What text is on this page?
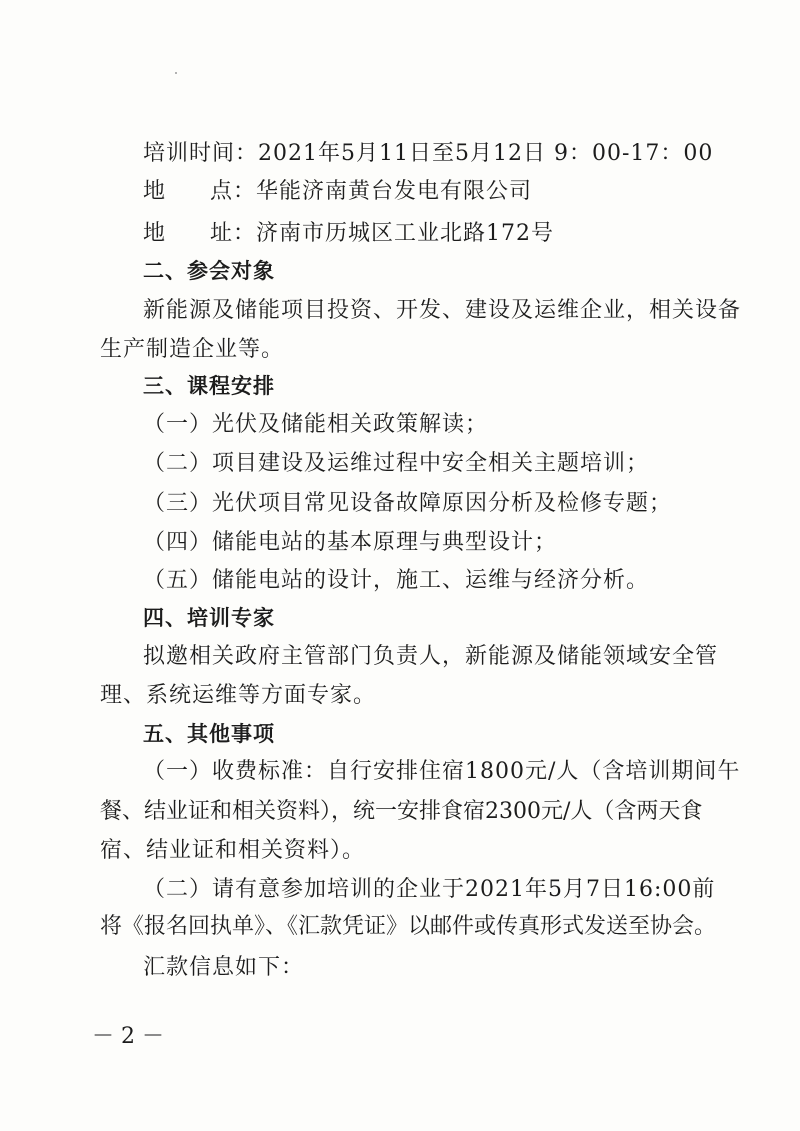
培训时间：2021年5月11日至5月12日 9：00-17：00
地 点：华能济南黄台发电有限公司
地 址：济南市历城区工业北路172号
二、参会对象
新能源及储能项目投资、开发、建设及运维企业，相关设备
生产制造企业等。
三、课程安排
（一）光伏及储能相关政策解读；
（二）项目建设及运维过程中安全相关主题培训；
（三）光伏项目常见设备故障原因分析及检修专题；
（四）储能电站的基本原理与典型设计；
（五）储能电站的设计，施工、运维与经济分析。
四、培训专家
拟邀相关政府主管部门负责人，新能源及储能领域安全管
理、系统运维等方面专家。
五、其他事项
（一）收费标准：自行安排住宿1800元/人（含培训期间午
餐、结业证和相关资料），统一安排食宿2300元/人（含两天食
宿、结业证和相关资料）。
（二）请有意参加培训的企业于2021年5月7日16:00前
将《报名回执单》、《汇款凭证》以邮件或传真形式发送至协会。
汇款信息如下：
－ 2 －
